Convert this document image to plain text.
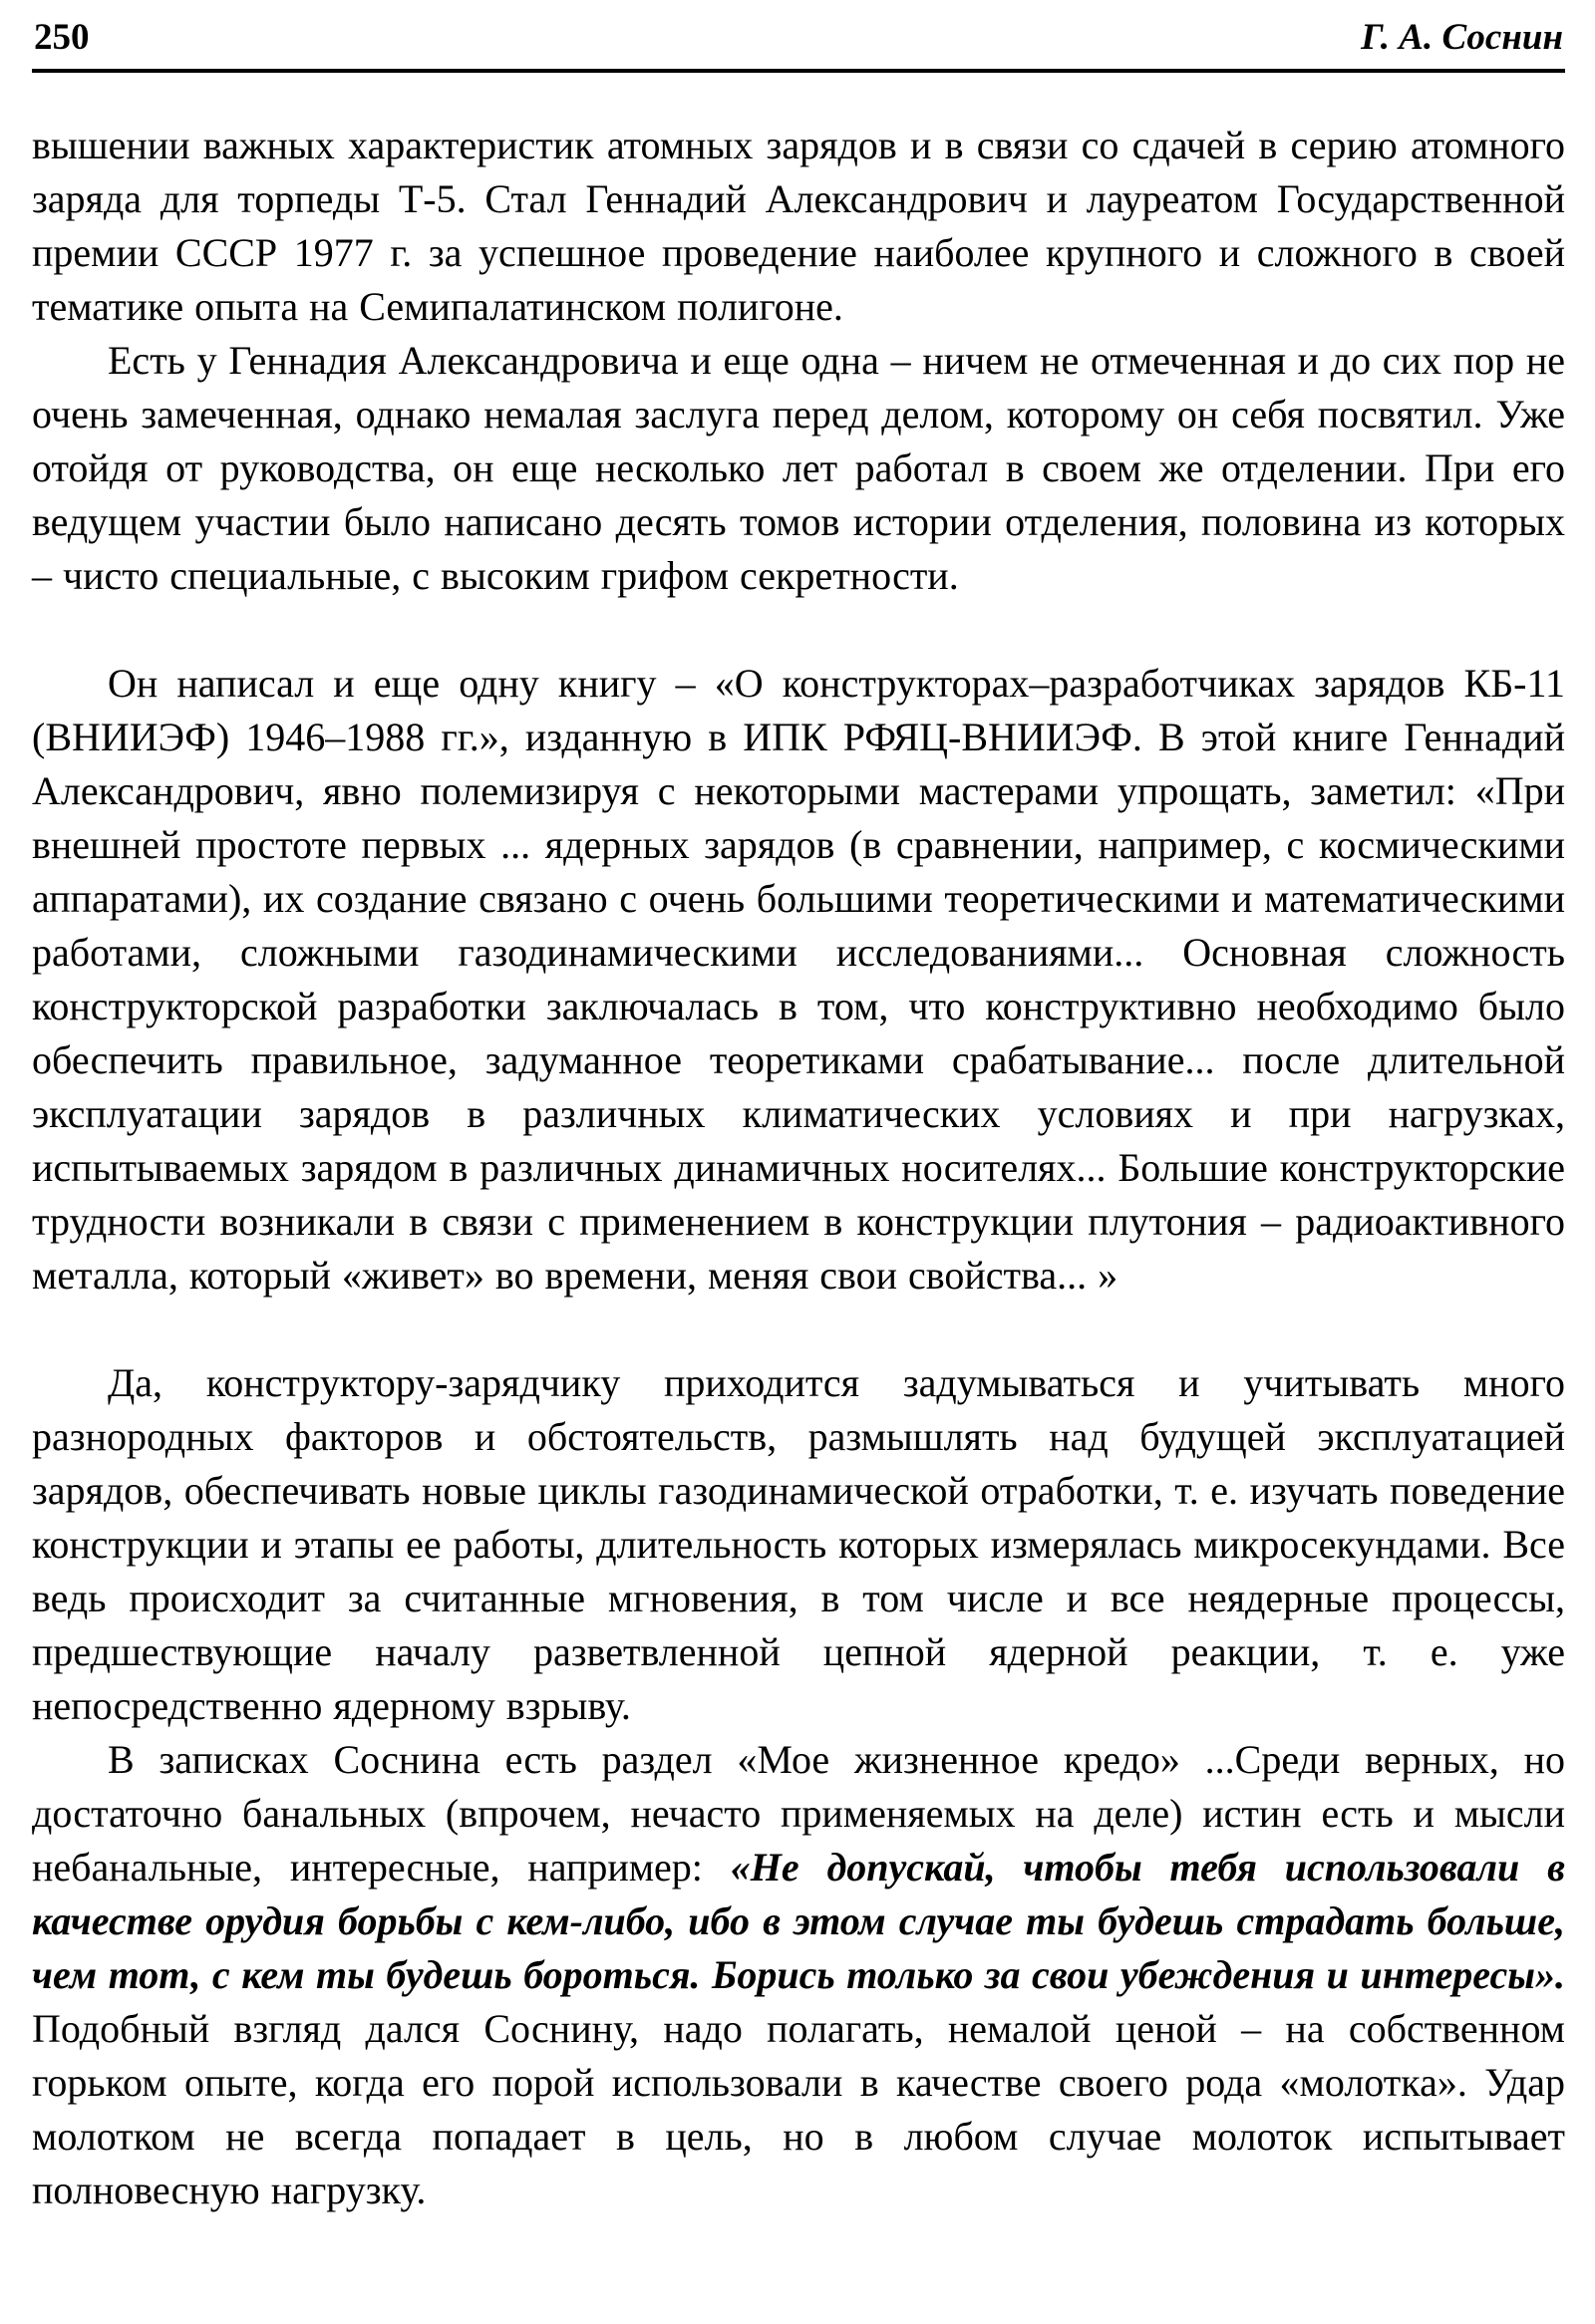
250	Г. А. Соснин

вышении важных характеристик атомных зарядов и в связи со сдачей в серию атомного заряда для торпеды Т-5. Стал Геннадий Александрович и лауреатом Государственной премии СССР 1977 г. за успешное проведение наиболее крупного и сложного в своей тематике опыта на Семипалатинском полигоне.

Есть у Геннадия Александровича и еще одна – ничем не отмеченная и до сих пор не очень замеченная, однако немалая заслуга перед делом, которому он себя посвятил. Уже отойдя от руководства, он еще несколько лет работал в своем же отделении. При его ведущем участии было написано десять томов истории отделения, половина из которых – чисто специальные, с высоким грифом секретности.

Он написал и еще одну книгу – «О конструкторах–разработчиках зарядов КБ-11 (ВНИИЭФ) 1946–1988 гг.», изданную в ИПК РФЯЦ-ВНИИЭФ. В этой книге Геннадий Александрович, явно полемизируя с некоторыми мастерами упрощать, заметил: «При внешней простоте первых ... ядерных зарядов (в сравнении, например, с космическими аппаратами), их создание связано с очень большими теоретическими и математическими работами, сложными газодинамическими исследованиями... Основная сложность конструкторской разработки заключалась в том, что конструктивно необходимо было обеспечить правильное, задуманное теоретиками срабатывание... после длительной эксплуатации зарядов в различных климатических условиях и при нагрузках, испытываемых зарядом в различных динамичных носителях... Большие конструкторские трудности возникали в связи с применением в конструкции плутония – радиоактивного металла, который «живет» во времени, меняя свои свойства... »

Да, конструктору-зарядчику приходится задумываться и учитывать много разнородных факторов и обстоятельств, размышлять над будущей эксплуатацией зарядов, обеспечивать новые циклы газодинамической отработки, т. е. изучать поведение конструкции и этапы ее работы, длительность которых измерялась микросекундами. Все ведь происходит за считанные мгновения, в том числе и все неядерные процессы, предшествующие началу разветвленной цепной ядерной реакции, т. е. уже непосредственно ядерному взрыву.

В записках Соснина есть раздел «Мое жизненное кредо» ...Среди верных, но достаточно банальных (впрочем, нечасто применяемых на деле) истин есть и мысли небанальные, интересные, например: «Не допускай, чтобы тебя использовали в качестве орудия борьбы с кем-либо, ибо в этом случае ты будешь страдать больше, чем тот, с кем ты будешь бороться. Борись только за свои убеждения и интересы». Подобный взгляд дался Соснину, надо полагать, немалой ценой – на собственном горьком опыте, когда его порой использовали в качестве своего рода «молотка». Удар молотком не всегда попадает в цель, но в любом случае молоток испытывает полновесную нагрузку.
